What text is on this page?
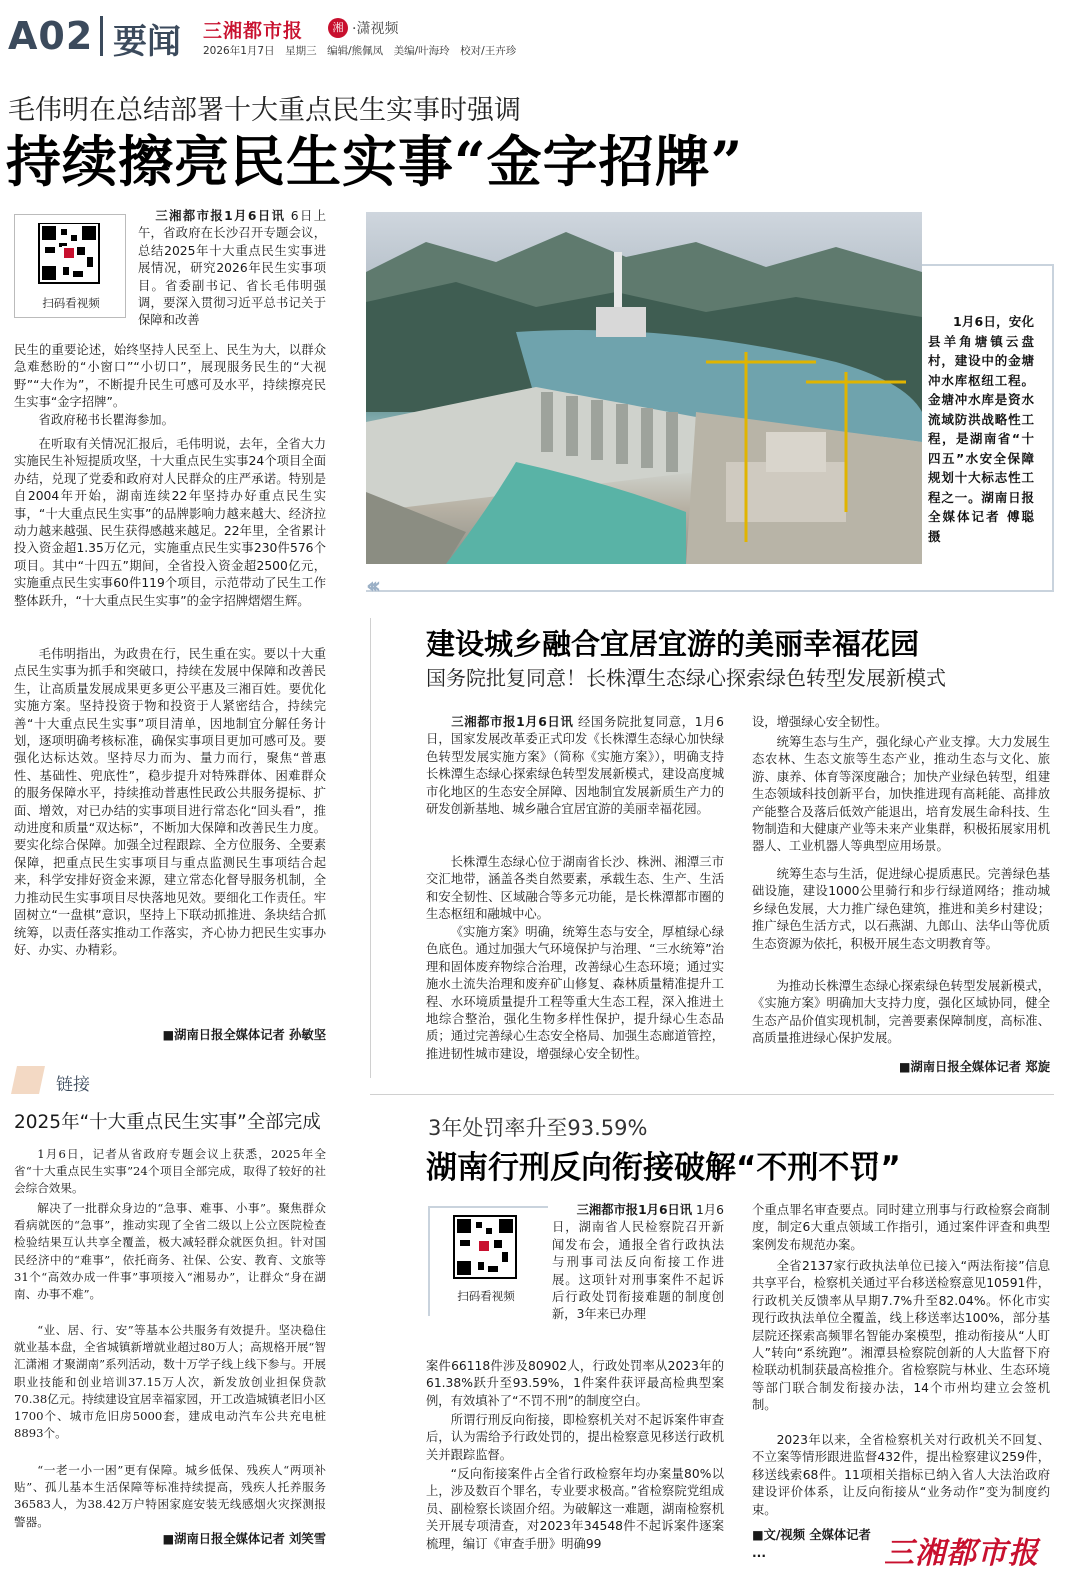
A02 要闻 三湘都市报	湘 ·潇视频
2026年1月7日　星期三　编辑/熊佩凤　美编/叶海玲　校对/王卉珍
毛伟明在总结部署十大重点民生实事时强调
持续擦亮民生实事“金字招牌”
扫码看视频
三湘都市报1月6日讯 6日上午，省政府在长沙召开专题会议，总结2025年十大重点民生实事进展情况，研究2026年民生实事项目。省委副书记、省长毛伟明强调，要深入贯彻习近平总书记关于保障和改善
民生的重要论述，始终坚持人民至上、民生为大，以群众急难愁盼的“小窗口”“小切口”，展现服务民生的“大视野”“大作为”，不断提升民生可感可及水平，持续擦亮民生实事“金字招牌”。
省政府秘书长瞿海参加。
在听取有关情况汇报后，毛伟明说，去年，全省大力实施民生补短提质攻坚，十大重点民生实事24个项目全面办结，兑现了党委和政府对人民群众的庄严承诺。特别是自2004年开始，湖南连续22年坚持办好重点民生实事，“十大重点民生实事”的品牌影响力越来越大、经济拉动力越来越强、民生获得感越来越足。22年里，全省累计投入资金超1.35万亿元，实施重点民生实事230件576个项目。其中“十四五”期间，全省投入资金超2500亿元，实施重点民生实事60件119个项目，示范带动了民生工作整体跃升，“十大重点民生实事”的金字招牌熠熠生辉。
毛伟明指出，为政贵在行，民生重在实。要以十大重点民生实事为抓手和突破口，持续在发展中保障和改善民生，让高质量发展成果更多更公平惠及三湘百姓。要优化实施方案。坚持投资于物和投资于人紧密结合，持续完善“十大重点民生实事”项目清单，因地制宜分解任务计划，逐项明确考核标准，确保实事项目更加可感可及。要强化达标达效。坚持尽力而为、量力而行，聚焦“普惠性、基础性、兜底性”，稳步提升对特殊群体、困难群众的服务保障水平，持续推动普惠性民政公共服务提标、扩面、增效，对已办结的实事项目进行常态化“回头看”，推动进度和质量“双达标”，不断加大保障和改善民生力度。要实化综合保障。加强全过程跟踪、全方位服务、全要素保障，把重点民生实事项目与重点监测民生事项结合起来，科学安排好资金来源，建立常态化督导服务机制，全力推动民生实事项目尽快落地见效。要细化工作责任。牢固树立“一盘棋”意识，坚持上下联动抓推进、条块结合抓统筹，以责任落实推动工作落实，齐心协力把民生实事办好、办实、办精彩。
■湖南日报全媒体记者 孙敏坚
1月6日，安化县羊角塘镇云盘村，建设中的金塘冲水库枢纽工程。金塘冲水库是资水流域防洪战略性工程，是湖南省“十四五”水安全保障规划十大标志性工程之一。湖南日报全媒体记者 傅聪 摄
‹‹‹
建设城乡融合宜居宜游的美丽幸福花园
国务院批复同意！长株潭生态绿心探索绿色转型发展新模式
三湘都市报1月6日讯 经国务院批复同意，1月6日，国家发展改革委正式印发《长株潭生态绿心加快绿色转型发展实施方案》（简称《实施方案》），明确支持长株潭生态绿心探索绿色转型发展新模式，建设高度城市化地区的生态安全屏障、因地制宜发展新质生产力的研发创新基地、城乡融合宜居宜游的美丽幸福花园。
长株潭生态绿心位于湖南省长沙、株洲、湘潭三市交汇地带，涵盖各类自然要素，承载生态、生产、生活和安全韧性、区域融合等多元功能，是长株潭都市圈的生态枢纽和融城中心。
《实施方案》明确，统筹生态与安全，厚植绿心绿色底色。通过加强大气环境保护与治理、“三水统筹”治理和固体废弃物综合治理，改善绿心生态环境；通过实施水土流失治理和废弃矿山修复、森林质量精准提升工程、水环境质量提升工程等重大生态工程，深入推进土地综合整治，强化生物多样性保护，提升绿心生态品质；通过完善绿心生态安全格局、加强生态廊道管控，推进韧性城市建设，增强绿心安全韧性。
设，增强绿心安全韧性。
统筹生态与生产，强化绿心产业支撑。大力发展生态农林、生态文旅等生态产业，推动生态与文化、旅游、康养、体育等深度融合；加快产业绿色转型，组建生态领域科技创新平台，加快推进现有高耗能、高排放产能整合及落后低效产能退出，培育发展生命科技、生物制造和大健康产业等未来产业集群，积极拓展家用机器人、工业机器人等典型应用场景。
统筹生态与生活，促进绿心提质惠民。完善绿色基础设施，建设1000公里骑行和步行绿道网络；推动城乡绿色发展，大力推广绿色建筑，推进和美乡村建设；推广绿色生活方式，以石燕湖、九郎山、法华山等优质生态资源为依托，积极开展生态文明教育等。
为推动长株潭生态绿心探索绿色转型发展新模式，《实施方案》明确加大支持力度，强化区域协同，健全生态产品价值实现机制，完善要素保障制度，高标准、高质量推进绿心保护发展。
■湖南日报全媒体记者 郑旋
链接
2025年“十大重点民生实事”全部完成
1月6日，记者从省政府专题会议上获悉，2025年全省“十大重点民生实事”24个项目全部完成，取得了较好的社会综合效果。
解决了一批群众身边的“急事、难事、小事”。聚焦群众看病就医的“急事”，推动实现了全省二级以上公立医院检查检验结果互认共享全覆盖，极大减轻群众就医负担。针对国民经济中的“难事”，依托商务、社保、公安、教育、文旅等31个“高效办成一件事”事项接入“湘易办”，让群众“身在湖南、办事不难”。
“业、居、行、安”等基本公共服务有效提升。坚决稳住就业基本盘，全省城镇新增就业超过80万人；高规格开展“智汇潇湘 才聚湖南”系列活动，数十万学子线上线下参与。开展职业技能和创业培训37.15万人次，新发放创业担保贷款70.38亿元。持续建设宜居幸福家园，开工改造城镇老旧小区1700个、城市危旧房5000套，建成电动汽车公共充电桩8893个。
“一老一小一困”更有保障。城乡低保、残疾人“两项补贴”、孤儿基本生活保障等标准持续提高，残疾人托养服务36583人，为38.42万户特困家庭安装无线感烟火灾探测报警器。
■湖南日报全媒体记者 刘笑雪
3年处罚率升至93.59%
湖南行刑反向衔接破解“不刑不罚”
扫码看视频
三湘都市报1月6日讯 1月6日，湖南省人民检察院召开新闻发布会，通报全省行政执法与刑事司法反向衔接工作进展。这项针对刑事案件不起诉后行政处罚衔接难题的制度创新，3年来已办理
案件66118件涉及80902人，行政处罚率从2023年的61.38%跃升至93.59%，1件案件获评最高检典型案例，有效填补了“不罚不刑”的制度空白。
所谓行刑反向衔接，即检察机关对不起诉案件审查后，认为需给予行政处罚的，提出检察意见移送行政机关并跟踪监督。
“反向衔接案件占全省行政检察年均办案量80%以上，涉及数百个罪名，专业要求极高。”省检察院党组成员、副检察长谈固介绍。为破解这一难题，湖南检察机关开展专项清查，对2023年34548件不起诉案件逐案梳理，编订《审查手册》明确99
个重点罪名审查要点。同时建立刑事与行政检察会商制度，制定6大重点领域工作指引，通过案件评查和典型案例发布规范办案。
全省2137家行政执法单位已接入“两法衔接”信息共享平台，检察机关通过平台移送检察意见10591件，行政机关反馈率从早期7.7%升至82.04%。怀化市实现行政执法单位全覆盖，线上移送率达100%，部分基层院还探索高频罪名智能办案模型，推动衔接从“人盯人”转向“系统跑”。湘潭县检察院创新的人大监督下府检联动机制获最高检推介。省检察院与林业、生态环境等部门联合制发衔接办法，14个市州均建立会签机制。
2023年以来，全省检察机关对行政机关不回复、不立案等情形跟进监督432件，提出检察建议259件，移送线索68件。11项相关指标已纳入省人大法治政府建设评价体系，让反向衔接从“业务动作”变为制度约束。
■文/视频 全媒体记者 ...	三湘都市报
